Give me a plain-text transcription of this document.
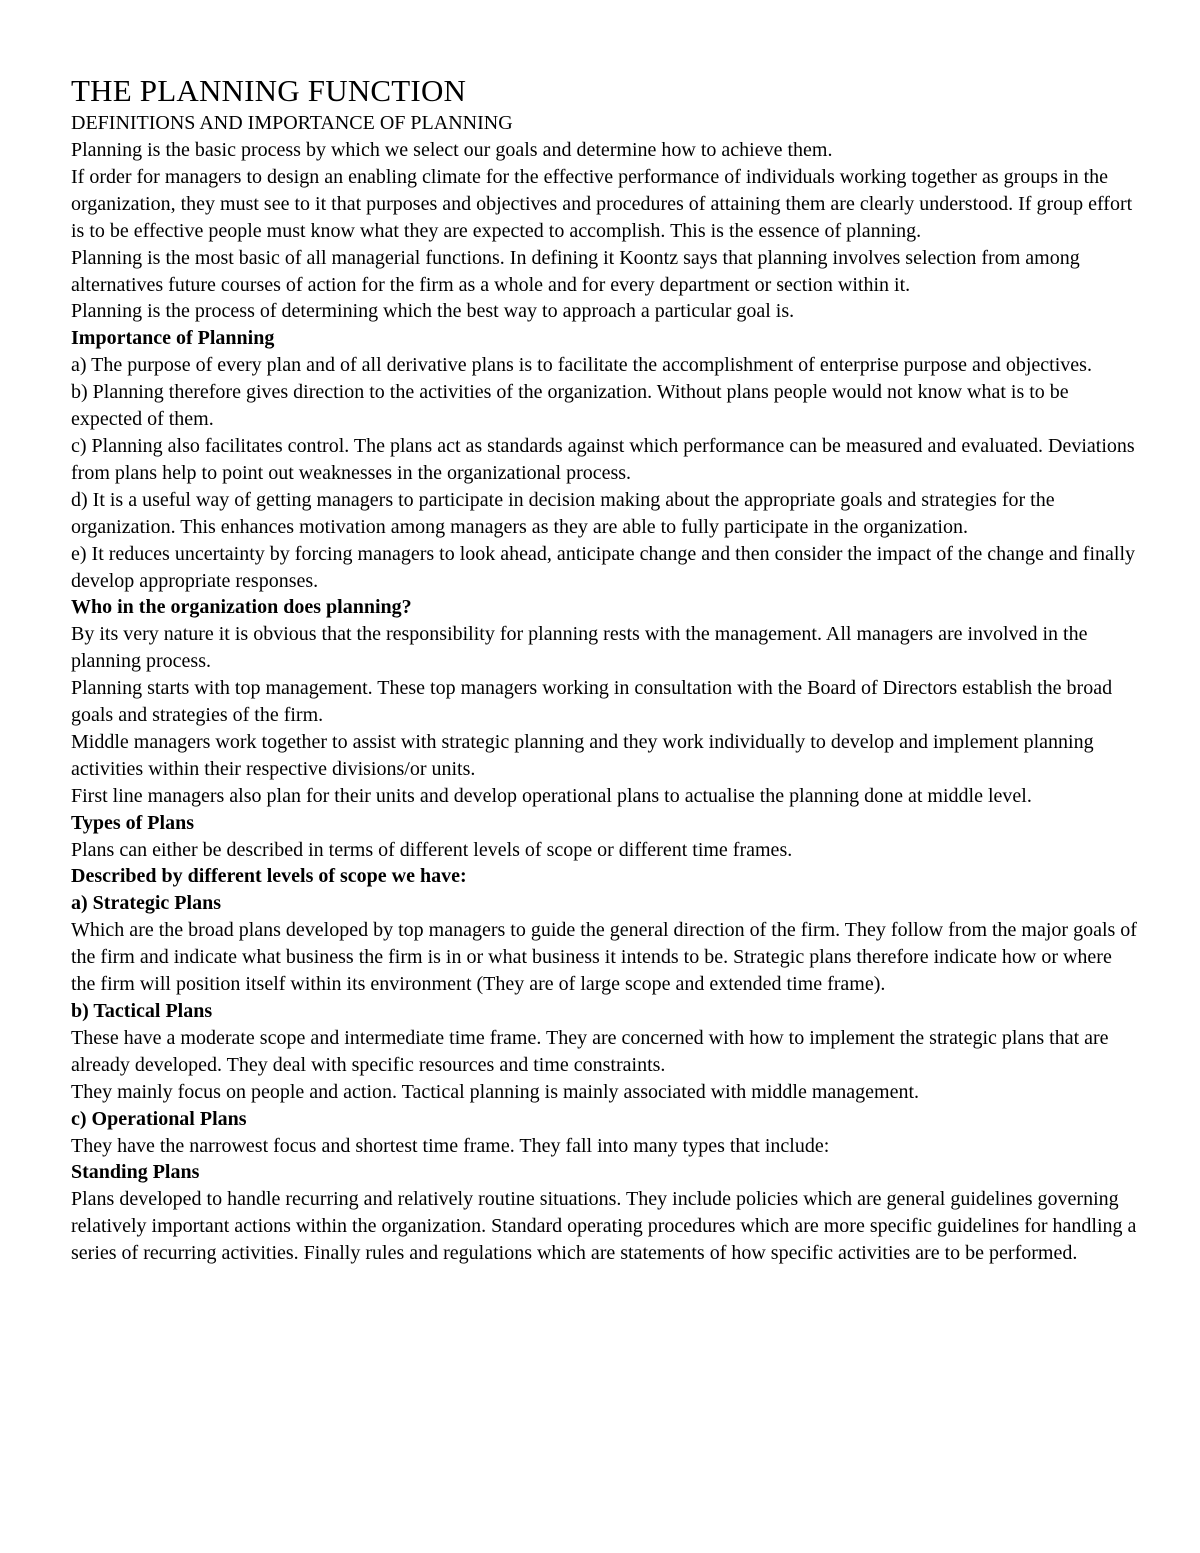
THE PLANNING FUNCTION
DEFINITIONS AND IMPORTANCE OF PLANNING

Planning is the basic process by which we select our goals and determine how to achieve them.

If order for managers to design an enabling climate for the effective performance of individuals working together as groups in the organization, they must see to it that purposes and objectives and procedures of attaining them are clearly understood. If group effort is to be effective people must know what they are expected to accomplish. This is the essence of planning.

Planning is the most basic of all managerial functions. In defining it Koontz says that planning involves selection from among alternatives future courses of action for the firm as a whole and for every department or section within it.

Planning is the process of determining which the best way to approach a particular goal is.

Importance of Planning

a) The purpose of every plan and of all derivative plans is to facilitate the accomplishment of enterprise purpose and objectives.

b) Planning therefore gives direction to the activities of the organization. Without plans people would not know what is to be expected of them.

c) Planning also facilitates control. The plans act as standards against which performance can be measured and evaluated. Deviations from plans help to point out weaknesses in the organizational process.

d) It is a useful way of getting managers to participate in decision making about the appropriate goals and strategies for the organization. This enhances motivation among managers as they are able to fully participate in the organization.

e) It reduces uncertainty by forcing managers to look ahead, anticipate change and then consider the impact of the change and finally develop appropriate responses.

Who in the organization does planning?

By its very nature it is obvious that the responsibility for planning rests with the management. All managers are involved in the planning process.

Planning starts with top management. These top managers working in consultation with the Board of Directors establish the broad goals and strategies of the firm.

Middle managers work together to assist with strategic planning and they work individually to develop and implement planning activities within their respective divisions/or units.

First line managers also plan for their units and develop operational plans to actualise the planning done at middle level.

Types of Plans

Plans can either be described in terms of different levels of scope or different time frames.

Described by different levels of scope we have:

a) Strategic Plans

Which are the broad plans developed by top managers to guide the general direction of the firm. They follow from the major goals of the firm and indicate what business the firm is in or what business it intends to be. Strategic plans therefore indicate how or where the firm will position itself within its environment (They are of large scope and extended time frame).

b) Tactical Plans

These have a moderate scope and intermediate time frame. They are concerned with how to implement the strategic plans that are already developed. They deal with specific resources and time constraints.

They mainly focus on people and action. Tactical planning is mainly associated with middle management.

c) Operational Plans

They have the narrowest focus and shortest time frame. They fall into many types that include:

Standing Plans

Plans developed to handle recurring and relatively routine situations. They include policies which are general guidelines governing relatively important actions within the organization. Standard operating procedures which are more specific guidelines for handling a series of recurring activities. Finally rules and regulations which are statements of how specific activities are to be performed.
